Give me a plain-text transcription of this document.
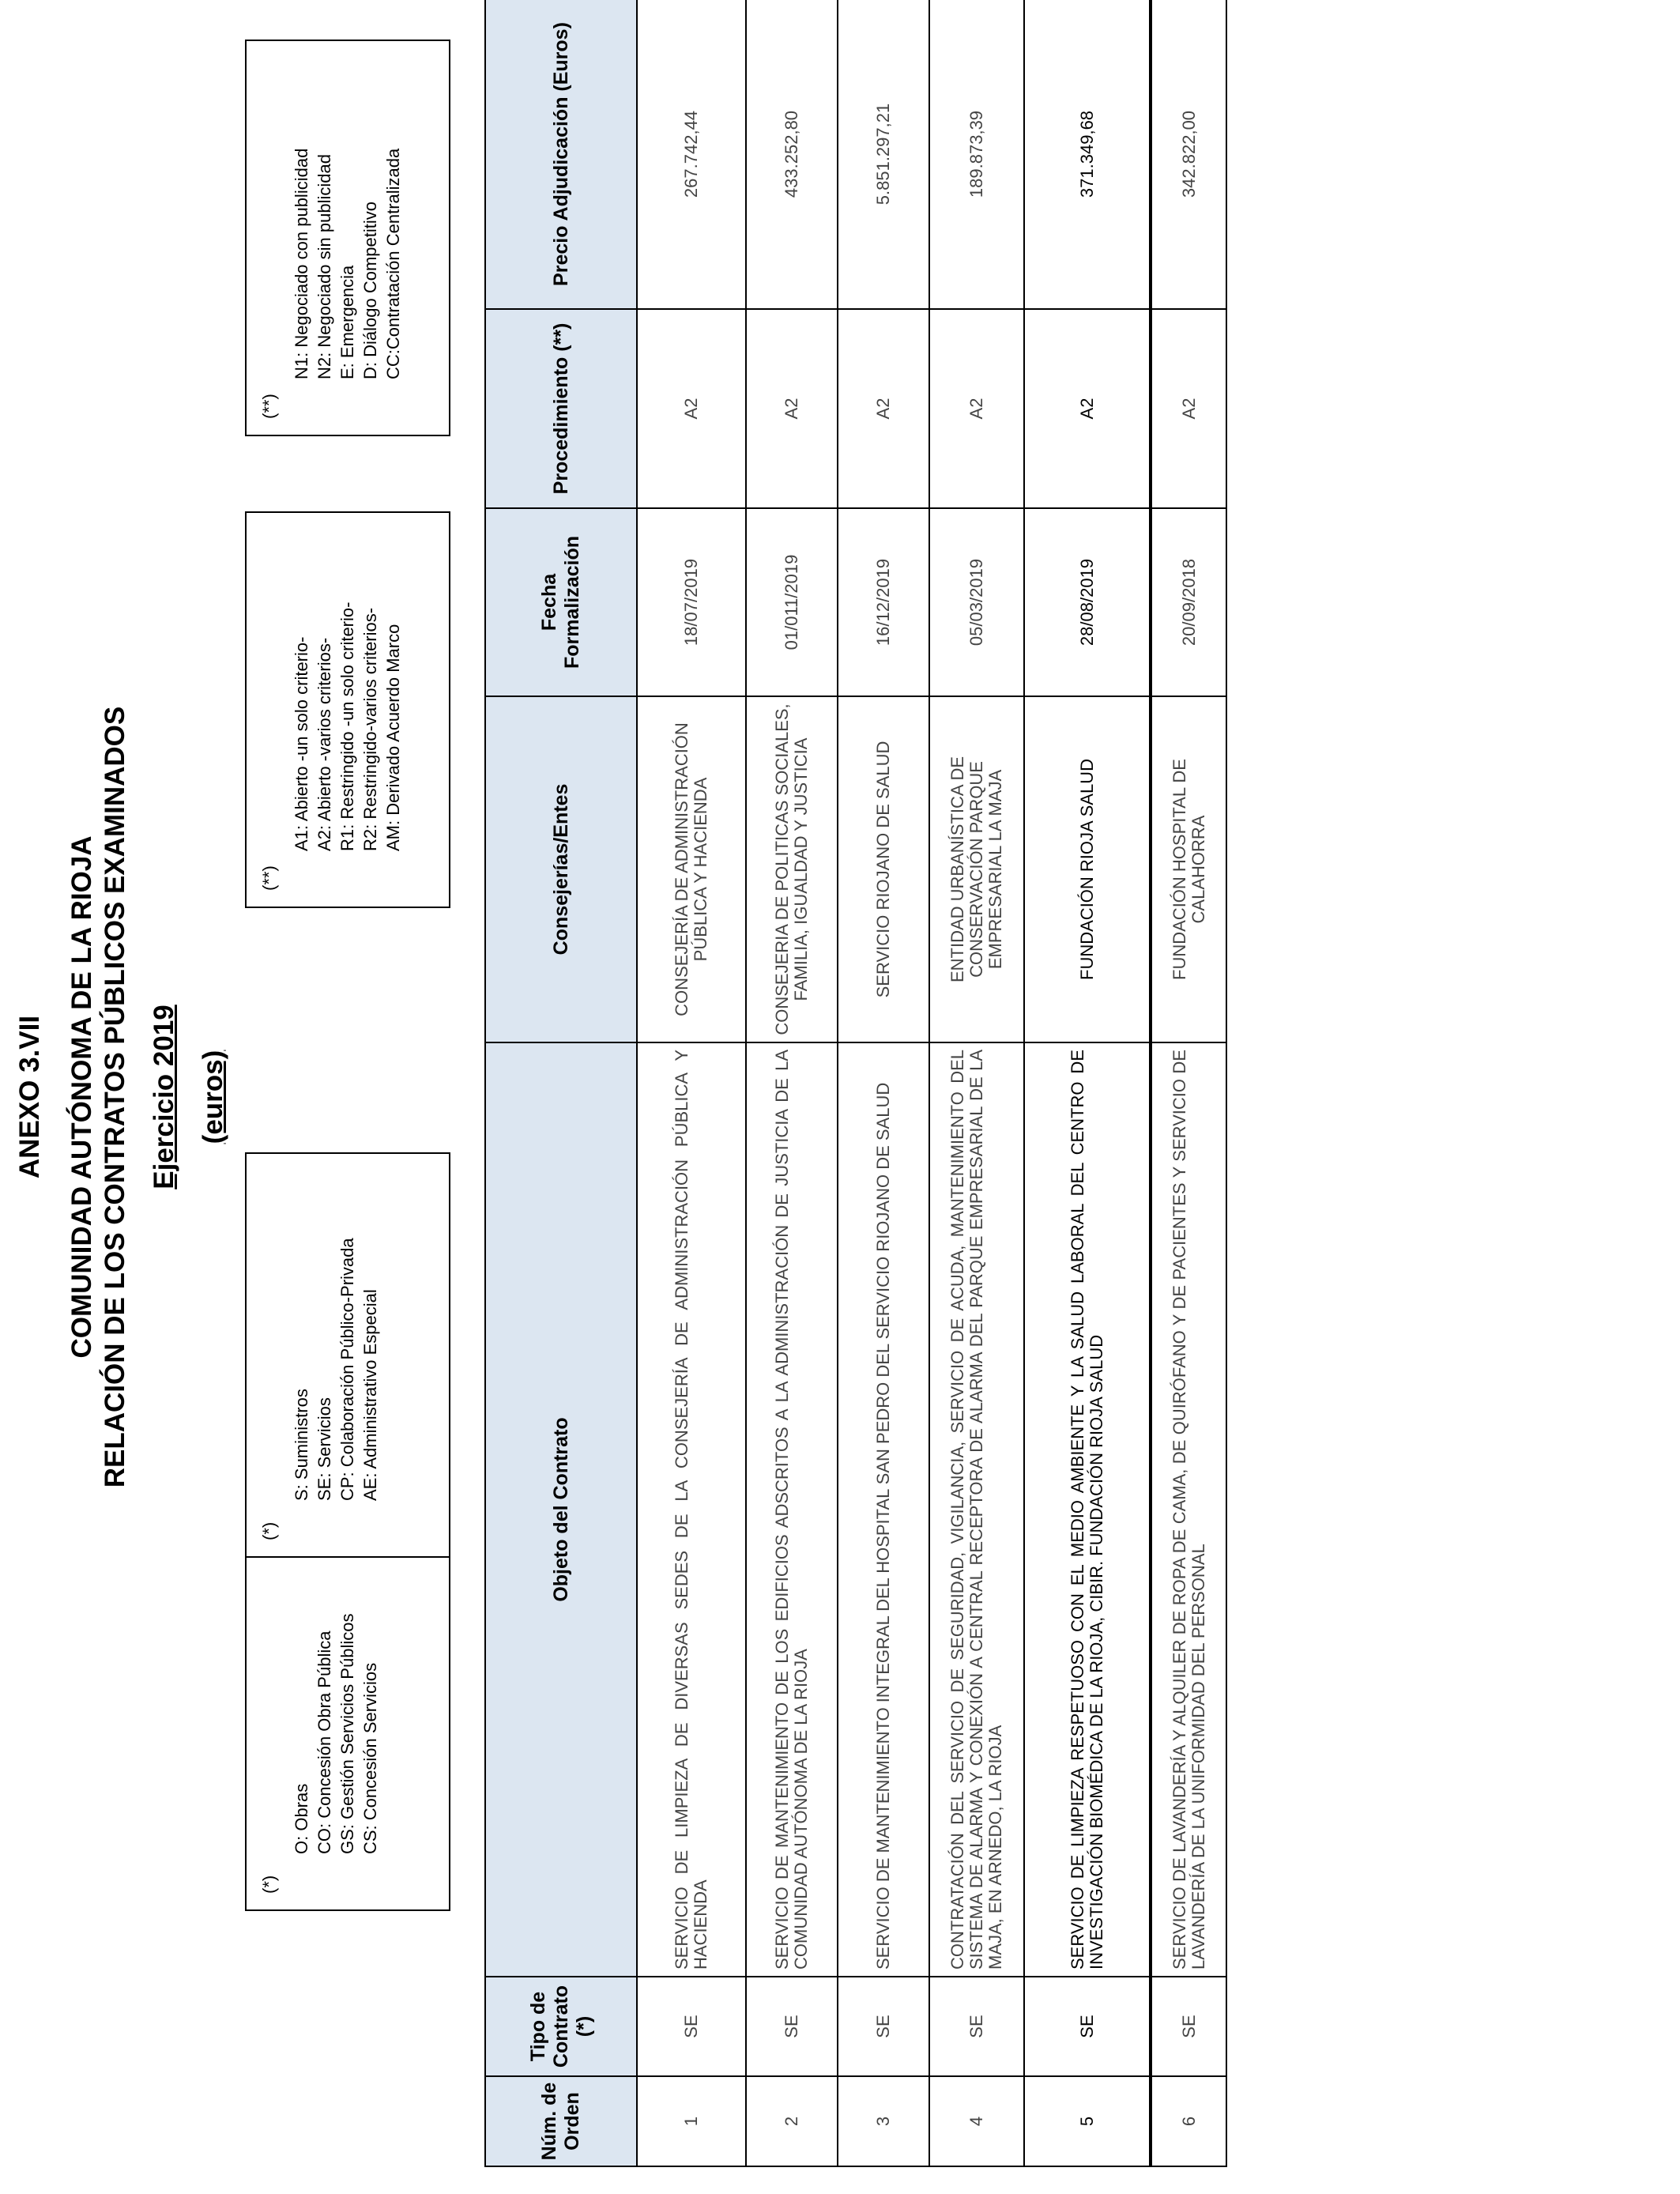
ANEXO 3.VII COMUNIDAD AUTÓNOMA DE LA RIOJA RELACIÓN DE LOS CONTRATOS PÚBLICOS EXAMINADOS Ejercicio 2019 (euros)
(*)
O: Obras CO: Concesión Obra Pública GS: Gestión Servicios Públicos CS: Concesión Servicios
(*)
S: Suministros SE: Servicios CP: Colaboración Público-Privada AE: Administrativo Especial
(**)
A1: Abierto -un solo criterio- A2: Abierto -varios criterios- R1: Restringido -un solo criterio- R2: Restringido-varios criterios- AM: Derivado Acuerdo Marco
(**)
N1: Negociado con publicidad N2: Negociado sin publicidad E: Emergencia D: Diálogo Competitivo CC:Contratación Centralizada
Núm. de Orden	Tipo de Contrato (*)	Objeto del Contrato	Consejerías/Entes	Fecha Formalización	Procedimiento (**)	Precio Adjudicación (Euros)
1	SE	SERVICIO DE LIMPIEZA DE DIVERSAS SEDES DE LA CONSEJERÍA DE ADMINISTRACIÓN PÚBLICA Y HACIENDA	CONSEJERÍA DE ADMINISTRACIÓN PÚBLICA Y HACIENDA	18/07/2019	A2	267.742,44
2	SE	SERVICIO DE MANTENIMIENTO DE LOS EDIFICIOS ADSCRITOS A LA ADMINISTRACIÓN DE JUSTICIA DE LA COMUNIDAD AUTÓNOMA DE LA RIOJA	CONSEJERIA DE POLITICAS SOCIALES, FAMILIA, IGUALDAD Y JUSTICIA	01/011/2019	A2	433.252,80
3	SE	SERVICIO DE MANTENIMIENTO INTEGRAL DEL HOSPITAL SAN PEDRO DEL SERVICIO RIOJANO DE SALUD	SERVICIO RIOJANO DE SALUD	16/12/2019	A2	5.851.297,21
4	SE	CONTRATACIÓN DEL SERVICIO DE SEGURIDAD, VIGILANCIA, SERVICIO DE ACUDA, MANTENIMIENTO DEL SISTEMA DE ALARMA Y CONEXIÓN A CENTRAL RECEPTORA DE ALARMA DEL PARQUE EMPRESARIAL DE LA MAJA, EN ARNEDO, LA RIOJA	ENTIDAD URBANÍSTICA DE CONSERVACIÓN PARQUE EMPRESARIAL LA MAJA	05/03/2019	A2	189.873,39
5	SE	SERVICIO DE LIMPIEZA RESPETUOSO CON EL MEDIO AMBIENTE Y LA SALUD LABORAL DEL CENTRO DE INVESTIGACIÓN BIOMÉDICA DE LA RIOJA, CIBIR. FUNDACIÓN RIOJA SALUD	FUNDACIÓN RIOJA SALUD	28/08/2019	A2	371.349,68
6	SE	SERVICIO DE LAVANDERÍA Y ALQUILER DE ROPA DE CAMA, DE QUIRÓFANO Y DE PACIENTES Y SERVICIO DE LAVANDERÍA DE LA UNIFORMIDAD DEL PERSONAL	FUNDACIÓN HOSPITAL DE CALAHORRA	20/09/2018	A2	342.822,00
